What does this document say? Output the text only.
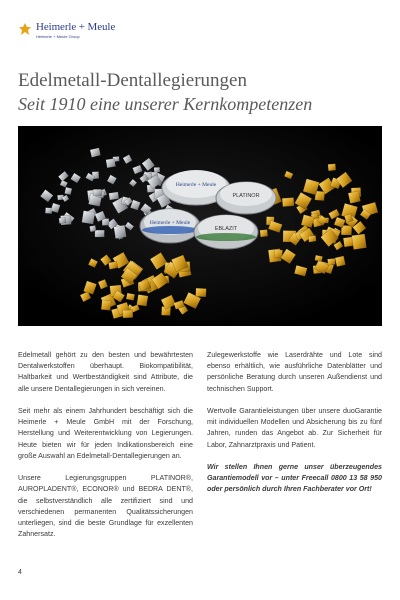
Heimerle + Meule
Heimerle + Meule Group
Edelmetall-Dentallegierungen
Seit 1910 eine unserer Kernkompetenzen
Heimerle + Meule
PLATINOR
Heimerle + Meule
EBLAZIT

Edelmetall gehört zu den besten und bewährtesten Dentalwerkstoffen überhaupt. Biokompatibilität, Haltbarkeit und Wertbeständigkeit sind Attribute, die alle unsere Dentallegierungen in sich vereinen.

Seit mehr als einem Jahrhundert beschäftigt sich die Heimerle + Meule GmbH mit der Forschung, Herstellung und Weiterentwicklung von Legierungen. Heute bieten wir für jeden Indikationsbereich eine große Auswahl an Edelmetall-Dentallegierungen an.

Unsere Legierungsgruppen PLATINOR®, AUROPLADENT®, ECONOR® und BEDRA DENT®, die selbstverständlich alle zertifiziert sind und verschiedenen permanenten Qualitätssicherungen unterliegen, sind die beste Grundlage für exzellenten Zahnersatz.

Zulegewerkstoffe wie Laserdrähte und Lote sind ebenso erhältlich, wie ausführliche Datenblätter und persönliche Beratung durch unseren Außendienst und technischen Support.

Wertvolle Garantieleistungen über unsere duoGarantie mit individuellen Modellen und Absicherung bis zu fünf Jahren, runden das Angebot ab. Zur Sicherheit für Labor, Zahnarztpraxis und Patient.

Wir stellen Ihnen gerne unser überzeugendes Garantiemodell vor – unter Freecall 0800 13 58 950 oder persönlich durch Ihren Fachberater vor Ort!

4
